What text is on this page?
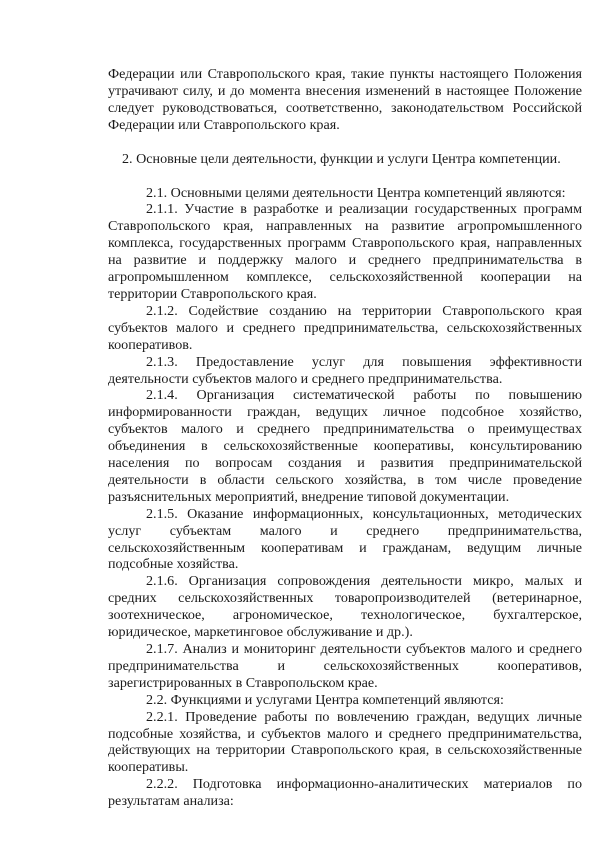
Федерации или Ставропольского края, такие пункты настоящего Положения утрачивают силу, и до момента внесения изменений в настоящее Положение следует руководствоваться, соответственно, законодательством Российской Федерации или Ставропольского края.

2. Основные цели деятельности, функции и услуги Центра компетенции.

2.1. Основными целями деятельности Центра компетенций являются:

2.1.1. Участие в разработке и реализации государственных программ Ставропольского края, направленных на развитие агропромышленного комплекса, государственных программ Ставропольского края, направленных на развитие и поддержку малого и среднего предпринимательства в агропромышленном комплексе, сельскохозяйственной кооперации на территории Ставропольского края.

2.1.2. Содействие созданию на территории Ставропольского края субъектов малого и среднего предпринимательства, сельскохозяйственных кооперативов.

2.1.3. Предоставление услуг для повышения эффективности деятельности субъектов малого и среднего предпринимательства.

2.1.4. Организация систематической работы по повышению информированности граждан, ведущих личное подсобное хозяйство, субъектов малого и среднего предпринимательства о преимуществах объединения в сельскохозяйственные кооперативы, консультированию населения по вопросам создания и развития предпринимательской деятельности в области сельского хозяйства, в том числе проведение разъяснительных мероприятий, внедрение типовой документации.

2.1.5. Оказание информационных, консультационных, методических услуг субъектам малого и среднего предпринимательства, сельскохозяйственным кооперативам и гражданам, ведущим личные подсобные хозяйства.

2.1.6. Организация сопровождения деятельности микро, малых и средних сельскохозяйственных товаропроизводителей (ветеринарное, зоотехническое, агрономическое, технологическое, бухгалтерское, юридическое, маркетинговое обслуживание и др.).

2.1.7. Анализ и мониторинг деятельности субъектов малого и среднего предпринимательства и сельскохозяйственных кооперативов, зарегистрированных в Ставропольском крае.

2.2. Функциями и услугами Центра компетенций являются:

2.2.1. Проведение работы по вовлечению граждан, ведущих личные подсобные хозяйства, и субъектов малого и среднего предпринимательства, действующих на территории Ставропольского края, в сельскохозяйственные кооперативы.

2.2.2. Подготовка информационно-аналитических материалов по результатам анализа:
